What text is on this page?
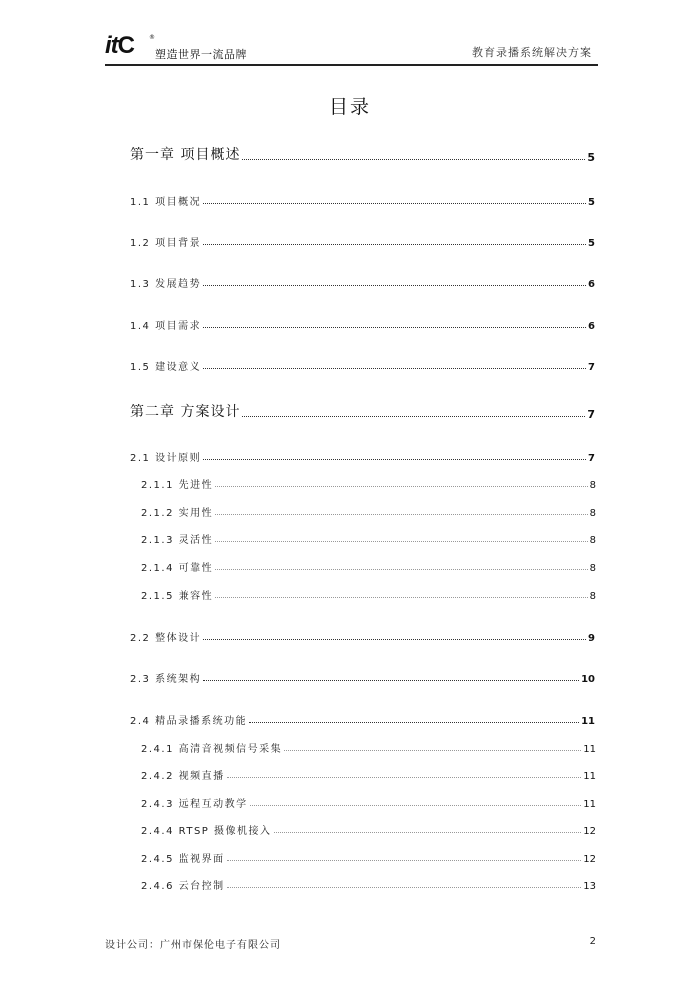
itC ®
塑造世界一流品牌	教育录播系统解决方案
目录
第一章 项目概述	5
1.1 项目概况	5
1.2 项目背景	5
1.3 发展趋势	6
1.4 项目需求	6
1.5 建设意义	7
第二章 方案设计	7
2.1 设计原则	7
2.1.1 先进性	8
2.1.2 实用性	8
2.1.3 灵活性	8
2.1.4 可靠性	8
2.1.5 兼容性	8
2.2 整体设计	9
2.3 系统架构	10
2.4 精品录播系统功能	11
2.4.1 高清音视频信号采集	11
2.4.2 视频直播	11
2.4.3 远程互动教学	11
2.4.4 RTSP 摄像机接入	12
2.4.5 监视界面	12
2.4.6 云台控制	13
设计公司：广州市保伦电子有限公司	2
